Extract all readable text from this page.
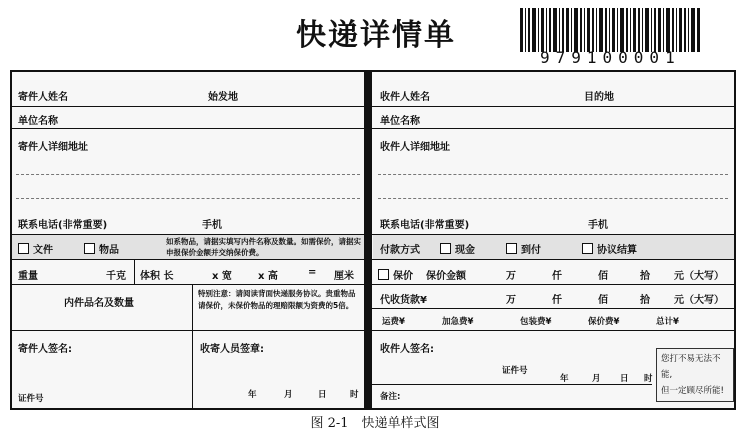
快递详情单
979100001
寄件人姓名	始发地
单位名称
寄件人详细地址
联系电话(非常重要)	手机
文件	物品
如系物品，请据实填写内件名称及数量。如需保价，请据实申报保价金额并交纳保价费。
重量	千克 体积 长	x 宽	x 高	= 厘米
内件品名及数量
特别注意：请阅读背面快递服务协议。贵重物品请保价，未保价物品的理赔限额为资费的5倍。
寄件人签名:	收寄人员签章:
证件号	年	月	日	时
收件人姓名	目的地
单位名称
收件人详细地址
联系电话(非常重要)	手机
付款方式	现金	到付	协议结算
保价 保价金额	万	仟	佰	拾 元（大写）
代收货款¥	万	仟	佰	拾 元（大写）
运费¥	加急费¥	包装费¥	保价费¥	总计¥
收件人签名:
证件号
年	月 日 时
备注:
您打不易无法不能,
但一定顾尽所能!
图 2-1　快递单样式图
